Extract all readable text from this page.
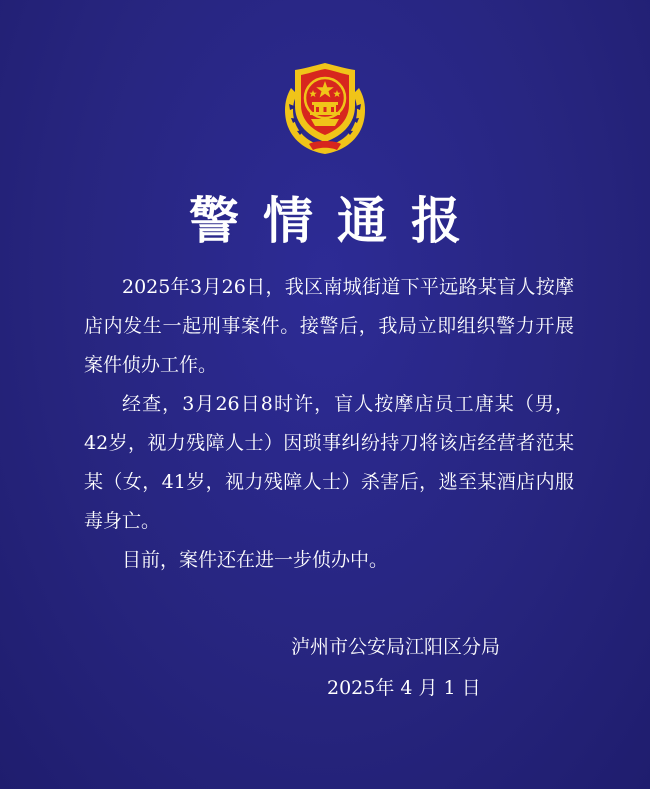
警情通报

2025年3月26日，我区南城街道下平远路某盲人按摩店内发生一起刑事案件。接警后，我局立即组织警力开展案件侦办工作。

经查，3月26日8时许，盲人按摩店员工唐某（男，42岁，视力残障人士）因琐事纠纷持刀将该店经营者范某某（女，41岁，视力残障人士）杀害后，逃至某酒店内服毒身亡。

目前，案件还在进一步侦办中。

泸州市公安局江阳区分局
2025年 4 月 1 日
